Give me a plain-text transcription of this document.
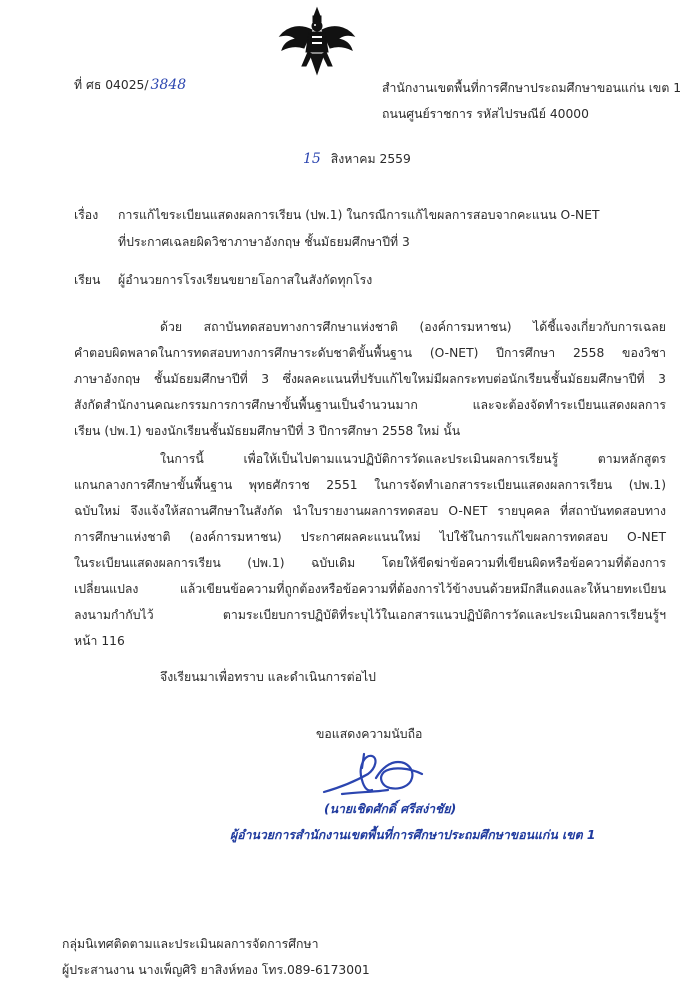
ที่ ศธ 04025/ 3848	สำนักงานเขตพื้นที่การศึกษาประถมศึกษาขอนแก่น เขต 1
ถนนศูนย์ราชการ รหัสไปรษณีย์ 40000
15 สิงหาคม 2559
เรื่อง การแก้ไขระเบียนแสดงผลการเรียน (ปพ.1) ในกรณีการแก้ไขผลการสอบจากคะแนน O-NET
ที่ประกาศเฉลยผิดวิชาภาษาอังกฤษ ชั้นมัธยมศึกษาปีที่ 3
เรียน ผู้อำนวยการโรงเรียนขยายโอกาสในสังกัดทุกโรง
ด้วย สถาบันทดสอบทางการศึกษาแห่งชาติ (องค์การมหาชน) ได้ชี้แจงเกี่ยวกับการเฉลย
คำตอบผิดพลาดในการทดสอบทางการศึกษาระดับชาติขั้นพื้นฐาน (O-NET) ปีการศึกษา 2558 ของวิชา
ภาษาอังกฤษ ชั้นมัธยมศึกษาปีที่ 3 ซึ่งผลคะแนนที่ปรับแก้ไขใหม่มีผลกระทบต่อนักเรียนชั้นมัธยมศึกษาปีที่ 3
สังกัดสำนักงานคณะกรรมการการศึกษาขั้นพื้นฐานเป็นจำนวนมาก และจะต้องจัดทำระเบียนแสดงผลการ
เรียน (ปพ.1) ของนักเรียนชั้นมัธยมศึกษาปีที่ 3 ปีการศึกษา 2558 ใหม่ นั้น
ในการนี้ เพื่อให้เป็นไปตามแนวปฏิบัติการวัดและประเมินผลการเรียนรู้ ตามหลักสูตร
แกนกลางการศึกษาขั้นพื้นฐาน พุทธศักราช 2551 ในการจัดทำเอกสารระเบียนแสดงผลการเรียน (ปพ.1)
ฉบับใหม่ จึงแจ้งให้สถานศึกษาในสังกัด นำใบรายงานผลการทดสอบ O-NET รายบุคคล ที่สถาบันทดสอบทาง
การศึกษาแห่งชาติ (องค์การมหาชน) ประกาศผลคะแนนใหม่ ไปใช้ในการแก้ไขผลการทดสอบ O-NET
ในระเบียนแสดงผลการเรียน (ปพ.1) ฉบับเดิม โดยให้ขีดฆ่าข้อความที่เขียนผิดหรือข้อความที่ต้องการ
เปลี่ยนแปลง แล้วเขียนข้อความที่ถูกต้องหรือข้อความที่ต้องการไว้ข้างบนด้วยหมึกสีแดงและให้นายทะเบียน
ลงนามกำกับไว้ ตามระเบียบการปฏิบัติที่ระบุไว้ในเอกสารแนวปฏิบัติการวัดและประเมินผลการเรียนรู้ฯ
หน้า 116
จึงเรียนมาเพื่อทราบ และดำเนินการต่อไป
ขอแสดงความนับถือ
(นายเชิดศักดิ์ ศรีสง่าชัย)
ผู้อำนวยการสำนักงานเขตพื้นที่การศึกษาประถมศึกษาขอนแก่น เขต 1
กลุ่มนิเทศติดตามและประเมินผลการจัดการศึกษา
ผู้ประสานงาน นางเพ็ญศิริ ยาสิงห์ทอง โทร.089-6173001
